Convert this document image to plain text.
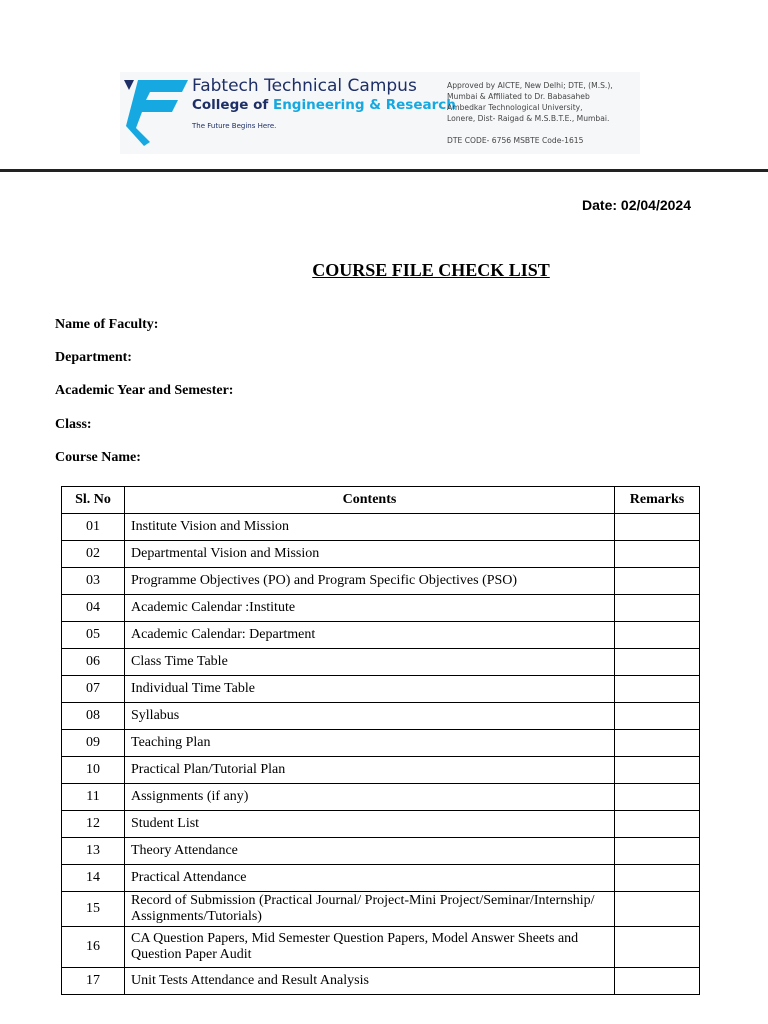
Fabtech Technical Campus
College of Engineering & Research
The Future Begins Here.
Approved by AICTE, New Delhi; DTE, (M.S.),
Mumbai & Affiliated to Dr. Babasaheb
Ambedkar Technological University,
Lonere, Dist- Raigad & M.S.B.T.E., Mumbai.
DTE CODE- 6756 MSBTE Code-1615
Date: 02/04/2024
COURSE FILE CHECK LIST
Name of Faculty:
Department:
Academic Year and Semester:
Class:
Course Name:
Sl. No	Contents	Remarks
01	Institute Vision and Mission	
02	Departmental Vision and Mission	
03	Programme Objectives (PO) and Program Specific Objectives (PSO)	
04	Academic Calendar :Institute	
05	Academic Calendar: Department	
06	Class Time Table	
07	Individual Time Table	
08	Syllabus	
09	Teaching Plan	
10	Practical Plan/Tutorial Plan	
11	Assignments (if any)	
12	Student List	
13	Theory Attendance	
14	Practical Attendance	
15	Record of Submission (Practical Journal/ Project-Mini Project/Seminar/Internship/ Assignments/Tutorials)	
16	CA Question Papers, Mid Semester Question Papers, Model Answer Sheets and Question Paper Audit	
17	Unit Tests Attendance and Result Analysis	
